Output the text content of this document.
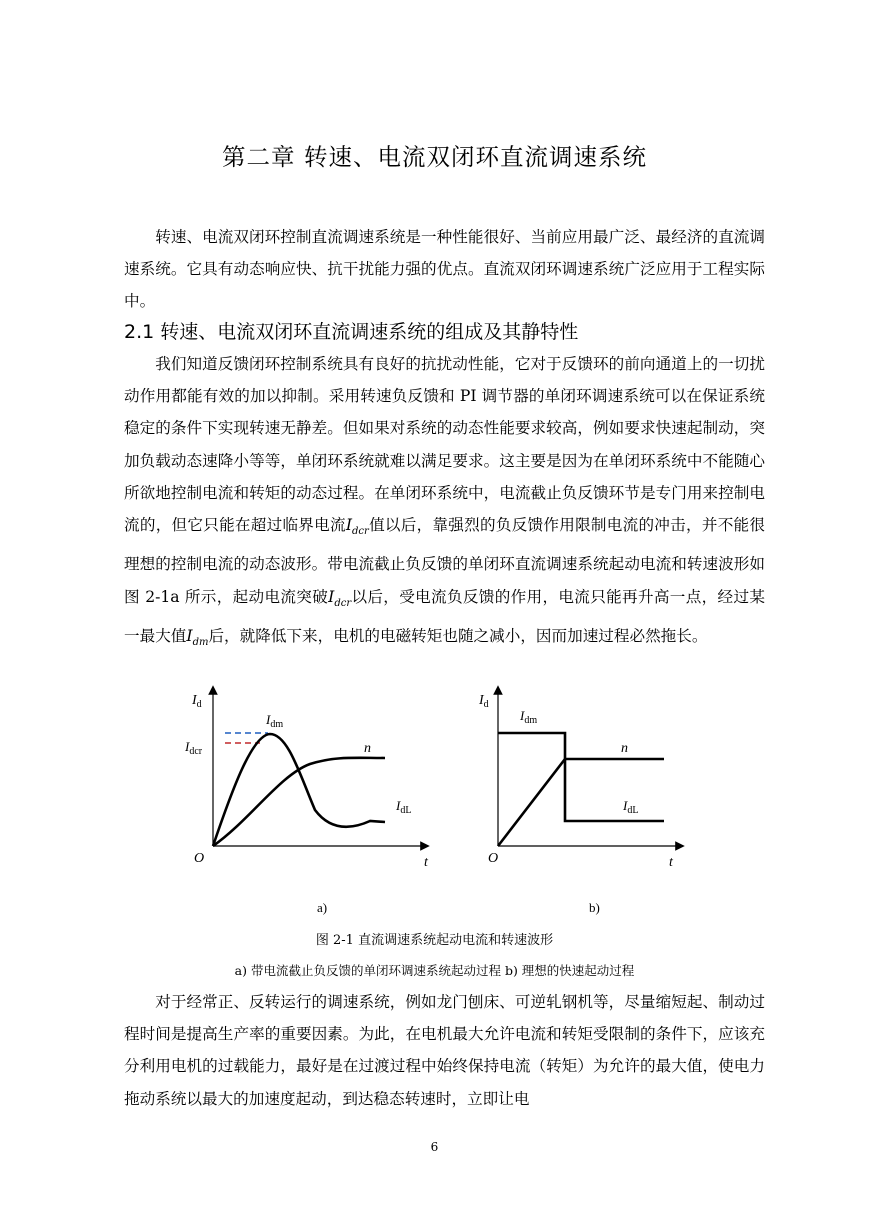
第二章 转速、电流双闭环直流调速系统

转速、电流双闭环控制直流调速系统是一种性能很好、当前应用最广泛、最经济的直流调速系统。它具有动态响应快、抗干扰能力强的优点。直流双闭环调速系统广泛应用于工程实际中。

2.1 转速、电流双闭环直流调速系统的组成及其静特性

我们知道反馈闭环控制系统具有良好的抗扰动性能，它对于反馈环的前向通道上的一切扰动作用都能有效的加以抑制。采用转速负反馈和 PI 调节器的单闭环调速系统可以在保证系统稳定的条件下实现转速无静差。但如果对系统的动态性能要求较高，例如要求快速起制动，突加负载动态速降小等等，单闭环系统就难以满足要求。这主要是因为在单闭环系统中不能随心所欲地控制电流和转矩的动态过程。在单闭环系统中，电流截止负反馈环节是专门用来控制电流的，但它只能在超过临界电流$I_{dcr}$值以后，靠强烈的负反馈作用限制电流的冲击，并不能很理想的控制电流的动态波形。带电流截止负反馈的单闭环直流调速系统起动电流和转速波形如图 2-1a 所示，起动电流突破$I_{dcr}$以后，受电流负反馈的作用，电流只能再升高一点，经过某一最大值$I_{dm}$后，就降低下来，电机的电磁转矩也随之减小，因而加速过程必然拖长。

$I_d$
O	t
$I_{dm}$
$I_{dcr}$	n
$I_{dL}$
a)
$I_d$
O	t
$I_{dm}$
n
$I_{dL}$
b)
图 2-1 直流调速系统起动电流和转速波形
a) 带电流截止负反馈的单闭环调速系统起动过程 b) 理想的快速起动过程

对于经常正、反转运行的调速系统，例如龙门刨床、可逆轧钢机等，尽量缩短起、制动过程时间是提高生产率的重要因素。为此，在电机最大允许电流和转矩受限制的条件下，应该充分利用电机的过载能力，最好是在过渡过程中始终保持电流（转矩）为允许的最大值，使电力拖动系统以最大的加速度起动，到达稳态转速时，立即让电

6
